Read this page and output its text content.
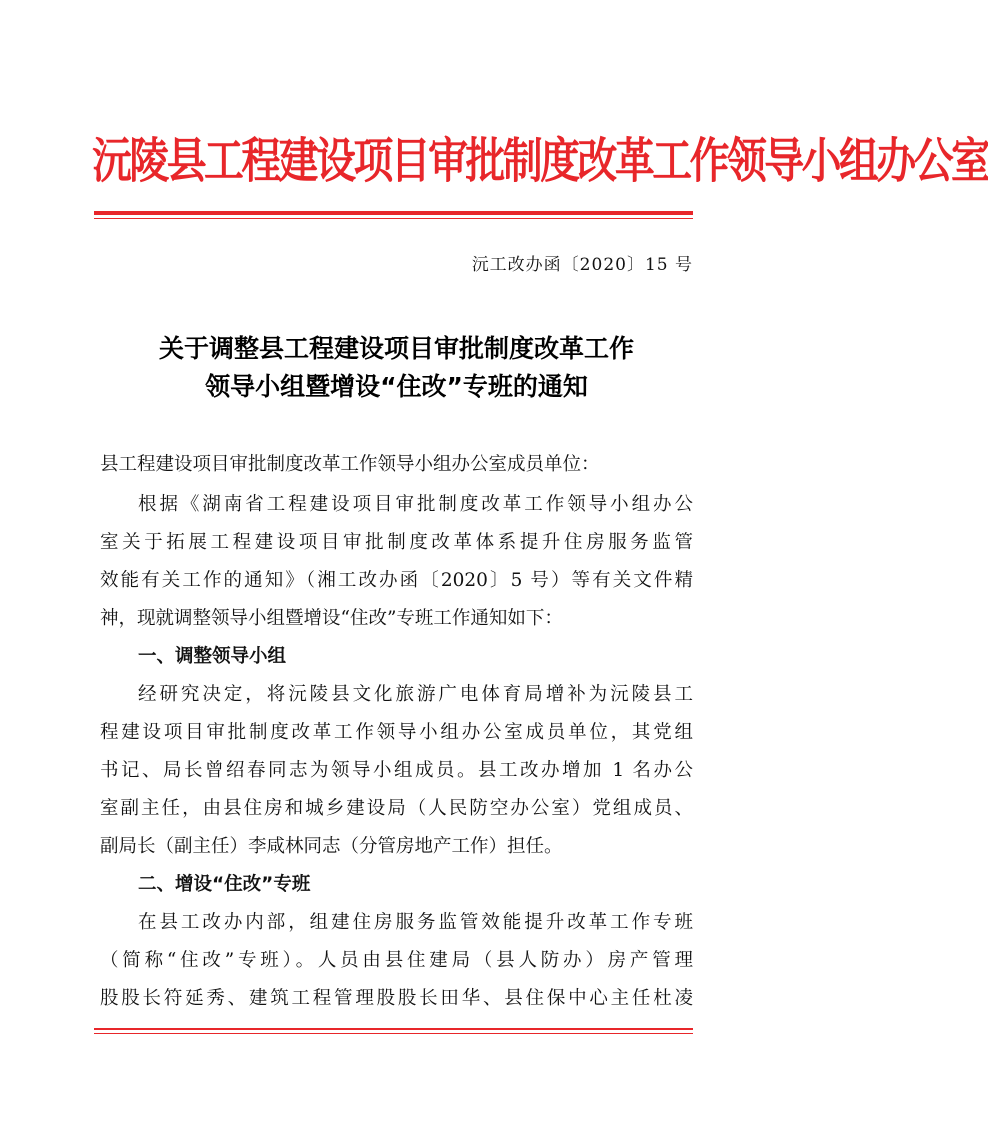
沅陵县工程建设项目审批制度改革工作领导小组办公室
沅工改办函〔2020〕15 号
关于调整县工程建设项目审批制度改革工作
领导小组暨增设“住改”专班的通知
县工程建设项目审批制度改革工作领导小组办公室成员单位：
根据《湖南省工程建设项目审批制度改革工作领导小组办公
室关于拓展工程建设项目审批制度改革体系提升住房服务监管
效能有关工作的通知》（湘工改办函〔2020〕5 号）等有关文件精
神，现就调整领导小组暨增设“住改”专班工作通知如下：
一、调整领导小组
经研究决定，将沅陵县文化旅游广电体育局增补为沅陵县工
程建设项目审批制度改革工作领导小组办公室成员单位，其党组
书记、局长曾绍春同志为领导小组成员。县工改办增加 1 名办公
室副主任，由县住房和城乡建设局（人民防空办公室）党组成员、
副局长（副主任）李咸林同志（分管房地产工作）担任。
二、增设“住改”专班
在县工改办内部，组建住房服务监管效能提升改革工作专班
（简称“住改”专班）。人员由县住建局（县人防办）房产管理
股股长符延秀、建筑工程管理股股长田华、县住保中心主任杜凌
